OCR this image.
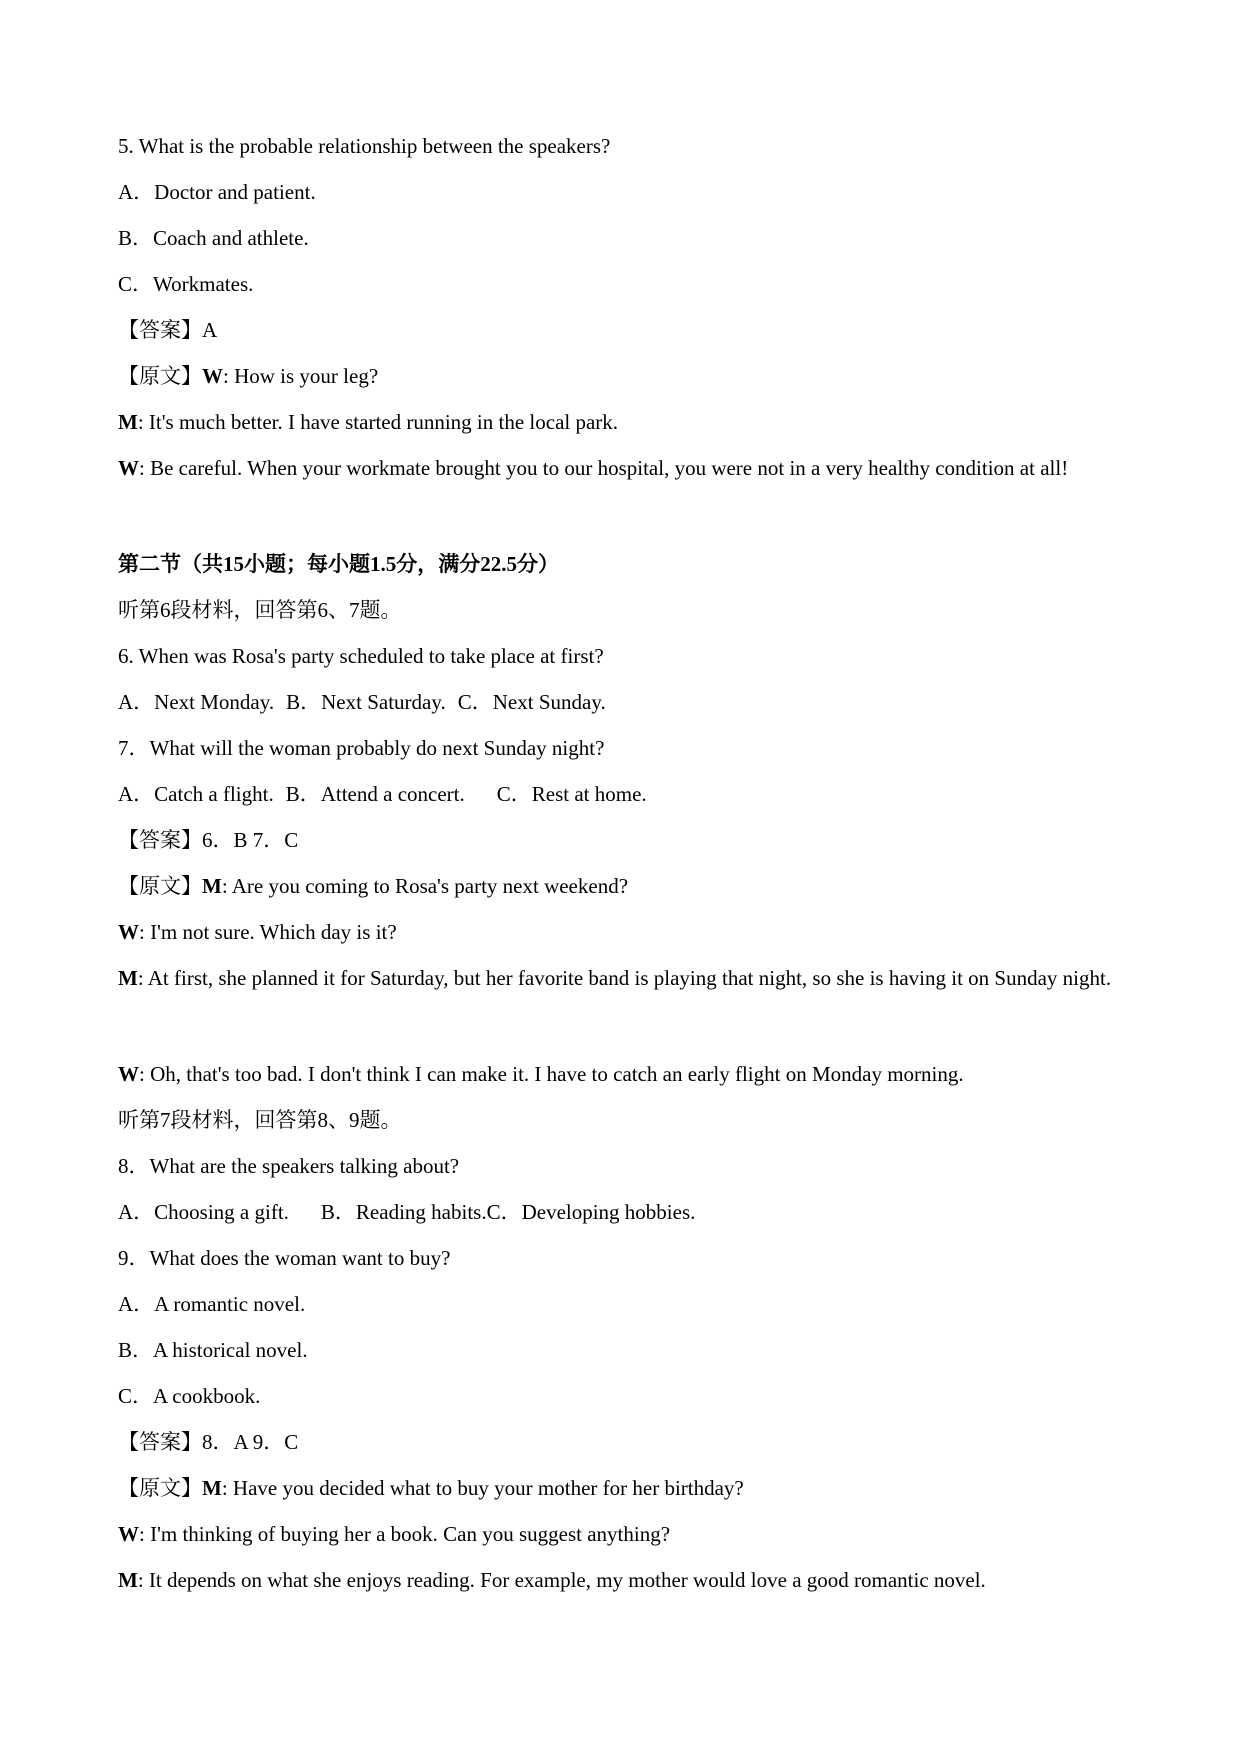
5. What is the probable relationship between the speakers?
A．Doctor and patient.
B．Coach and athlete.
C．Workmates.
【答案】A
【原文】W: How is your leg?
M: It's much better. I have started running in the local park.
W: Be careful. When your workmate brought you to our hospital, you were not in a very healthy condition at all!
第二节（共15小题；每小题1.5分，满分22.5分）
听第6段材料，回答第6、7题。
6. When was Rosa's party scheduled to take place at first?
A．Next Monday. B．Next Saturday. C．Next Sunday.
7．What will the woman probably do next Sunday night?
A．Catch a flight. B．Attend a concert. C．Rest at home.
【答案】6．B 7．C
【原文】M: Are you coming to Rosa's party next weekend?
W: I'm not sure. Which day is it?
M: At first, she planned it for Saturday, but her favorite band is playing that night, so she is having it on Sunday night.
W: Oh, that's too bad. I don't think I can make it. I have to catch an early flight on Monday morning.
听第7段材料，回答第8、9题。
8．What are the speakers talking about?
A．Choosing a gift. B．Reading habits.C．Developing hobbies.
9．What does the woman want to buy?
A．A romantic novel.
B．A historical novel.
C．A cookbook.
【答案】8．A 9．C
【原文】M: Have you decided what to buy your mother for her birthday?
W: I'm thinking of buying her a book. Can you suggest anything?
M: It depends on what she enjoys reading. For example, my mother would love a good romantic novel.
